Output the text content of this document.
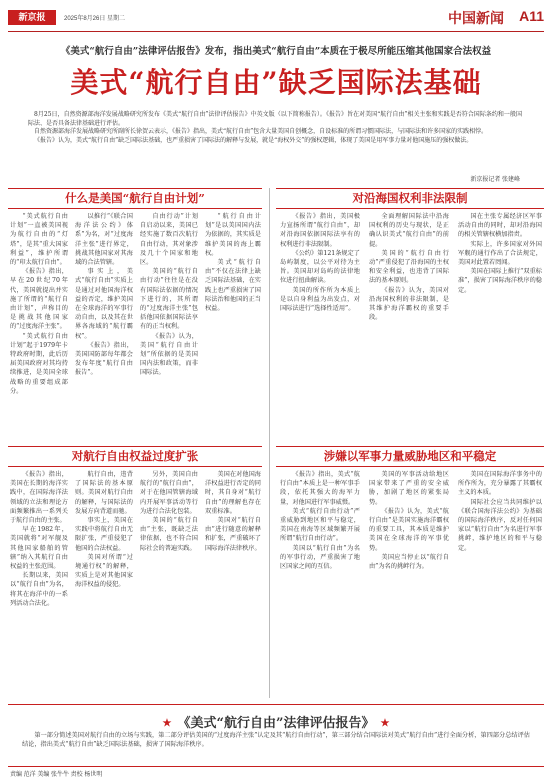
新京报	2025年8月26日 星期二	中国新闻 A11
《美式“航行自由”法律评估报告》发布，指出美式“航行自由”本质在于极尽所能压缩其他国家合法权益
美式“航行自由”缺乏国际法基础

8月25日，自然资源部海洋发展战略研究所发布《美式“航行自由”法律评估报告》中英文版（以下简称报告）。《报告》旨在对美国“航行自由”相关主张和实践是否符合国际条约和一般国际法、是否具备法律基础进行评估。

自然资源部海洋发展战略研究所副所长徐贺云表示，《报告》指出，美式“航行自由”包含大量美国自创概念，自设标准的所谓习惯国际法，与国际法和许多国家的实践相悖。

《报告》认为，美式“航行自由”缺乏国际法基础，也严重损害了国际法的解释与发展，就是“海权外交”的强权逻辑，体现了美国是用军事力量对他国施压的强权做法。

新京报记者 张建峰
什么是美国“航行自由计划”

“美式航行自由计划”一直被美国视为航行自由的“灯塔”，是其“重大国家利益”，维护所谓的“印太航行自由”。

《报告》指出，早在20世纪70年代，美国就提出并实施了所谓的“航行自由计划”，声称目的是挑战其他国家的“过度海洋主张”。

“美式航行自由计划”起于1979年卡特政府时期，此后历届美国政府对其均持续推进，是美国全球战略的重要组成部分。

以推行“《联合国海洋法公约》体系”为名，对“过度海洋主张”进行界定，挑战其他国家对其海域的合法管辖。

事实上，美式“航行自由”实质上是通过对他国海洋权益的否定，维护美国在全球海洋的军事行动自由，以及其在世界各海域的“航行霸权”。

《报告》指出，美国国防部每年都会发布年度“航行自由报告”。

自由行动”计划自启动以来，美国已经实施了数百次航行自由行动，其对象涉及几十个国家和地区。

美国的“航行自由行动”往往是在没有国际法依据的情况下进行的，其所谓的“过度海洋主张”包括他国依据国际法享有的正当权利。

《报告》认为，美国“航行自由计划”所依据的是美国国内法和政策，而非国际法。

“航行自由计划”是以美国国内法为依据的，其实质是维护美国的海上霸权。

美式“航行自由”不仅在法律上缺乏国际法基础，在实践上也严重损害了国际法治和他国的正当权益。

对沿海国权利非法限制

《报告》指出，美国极力宣扬所谓“航行自由”，却对沿海国依据国际法享有的权利进行非法限制。

《公约》第121条规定了岛屿制度，以公平对待为主旨。美国却对岛屿的法律地位进行扭曲解读。

美国的所作所为本质上是以自身利益为出发点，对国际法进行“选择性适用”。

全面理解国际法中沿海国权利的历史与现状，是正确认识美式“航行自由”的前提。

美国的“航行自由行动”严重侵犯了沿海国的主权和安全利益，也违背了国际法的基本原则。

《报告》认为，美国对沿海国权利的非法限制，是其维护海洋霸权的重要手段。

国在主张专属经济区军事活动自由的同时，却对沿海国的相关管辖权横加指责。

实际上，许多国家对外国军舰的通行作出了合法规定，美国对此置若罔闻。

美国在国际上推行“双重标准”，损害了国际海洋秩序的稳定。

对航行自由权益过度扩张

《报告》指出，美国在长期的海洋实践中，在国际海洋法领域的立法和理论方面频繁推出一系列关于航行自由的主张。

早在1982年，美国就将“对军舰及其他国家船舶的管辖”纳入其航行自由权益的主张范围。

长期以来，美国以“航行自由”为名，将其在海洋中的一系列活动合法化。

航行自由，违背了国际法的基本原则。美国对航行自由的解释，与国际法的发展方向背道而驰。

事实上，美国在实践中将航行自由无限扩张，严重侵犯了他国的合法权益。

美国对所谓“过境通行权”的解释，实质上是对其他国家海洋权益的侵犯。

另外，美国自由航行的“航行自由”，对于在他国管辖海域内开展军事活动等行为进行合法化包装。

美国的“航行自由”主张，既缺乏法律依据，也不符合国际社会的普遍实践。

美国在对他国海洋权益进行否定的同时，其自身对“航行自由”的理解也存在双重标准。

美国对“航行自由”进行随意的解释和扩张，严重破坏了国际海洋法律秩序。

涉嫌以军事力量威胁地区和平稳定

《报告》指出，美式“航行自由”本质上是一种军事手段，依托其强大的海军力量，对他国进行军事威慑。

美式“航行自由行动”严重威胁到地区和平与稳定，美国在南海等区域频繁开展所谓“航行自由行动”。

美国以“航行自由”为名的军事行动，严重损害了地区国家之间的互信。

美国的军事活动给地区国家带来了严重的安全威胁，加剧了地区的紧张局势。

《报告》认为，美式“航行自由”是美国实施海洋霸权的重要工具，其本质是维护美国在全球海洋的军事优势。

美国应当停止以“航行自由”为名的挑衅行为。

美国在国际海洋事务中的所作所为，充分暴露了其霸权主义的本质。

国际社会应当共同维护以《联合国海洋法公约》为基础的国际海洋秩序，反对任何国家以“航行自由”为名进行军事挑衅，维护地区的和平与稳定。

★ 《美式“航行自由”法律评估报告》 ★

第一部分简述美国对航行自由的立场与实践，第二部分评估美国的“过度海洋主张”认定及其“航行自由行动”，第三部分结合国际法对美式“航行自由”进行全面分析，第四部分总结评估结论，指出美式“航行自由”缺乏国际法基础，损害了国际海洋秩序。

责编 范洋 美编 张牛牛 责校 杨世明
